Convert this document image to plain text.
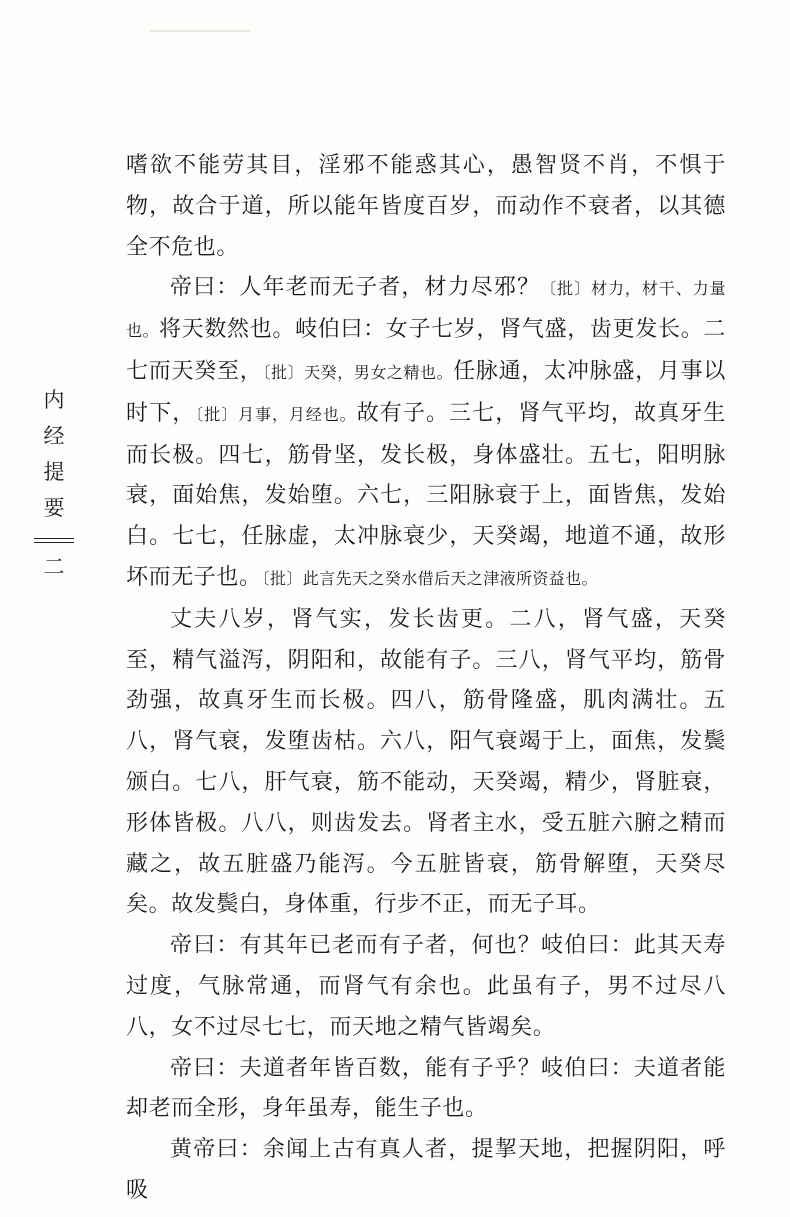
内
经
提
要
二

嗜欲不能劳其目，淫邪不能惑其心，愚智贤不肖，不惧于物，故合于道，所以能年皆度百岁，而动作不衰者，以其德全不危也。

帝曰：人年老而无子者，材力尽邪？〔批〕材力，材干、力量也。将天数然也。岐伯曰：女子七岁，肾气盛，齿更发长。二七而天癸至，〔批〕天癸，男女之精也。任脉通，太冲脉盛，月事以时下，〔批〕月事，月经也。故有子。三七，肾气平均，故真牙生而长极。四七，筋骨坚，发长极，身体盛壮。五七，阳明脉衰，面始焦，发始堕。六七，三阳脉衰于上，面皆焦，发始白。七七，任脉虚，太冲脉衰少，天癸竭，地道不通，故形坏而无子也。〔批〕此言先天之癸水借后天之津液所资益也。

丈夫八岁，肾气实，发长齿更。二八，肾气盛，天癸至，精气溢泻，阴阳和，故能有子。三八，肾气平均，筋骨劲强，故真牙生而长极。四八，筋骨隆盛，肌肉满壮。五八，肾气衰，发堕齿枯。六八，阳气衰竭于上，面焦，发鬓颁白。七八，肝气衰，筋不能动，天癸竭，精少，肾脏衰，形体皆极。八八，则齿发去。肾者主水，受五脏六腑之精而藏之，故五脏盛乃能泻。今五脏皆衰，筋骨解堕，天癸尽矣。故发鬓白，身体重，行步不正，而无子耳。

帝曰：有其年已老而有子者，何也？岐伯曰：此其天寿过度，气脉常通，而肾气有余也。此虽有子，男不过尽八八，女不过尽七七，而天地之精气皆竭矣。

帝曰：夫道者年皆百数，能有子乎？岐伯曰：夫道者能却老而全形，身年虽寿，能生子也。

黄帝曰：余闻上古有真人者，提挈天地，把握阴阳，呼吸
